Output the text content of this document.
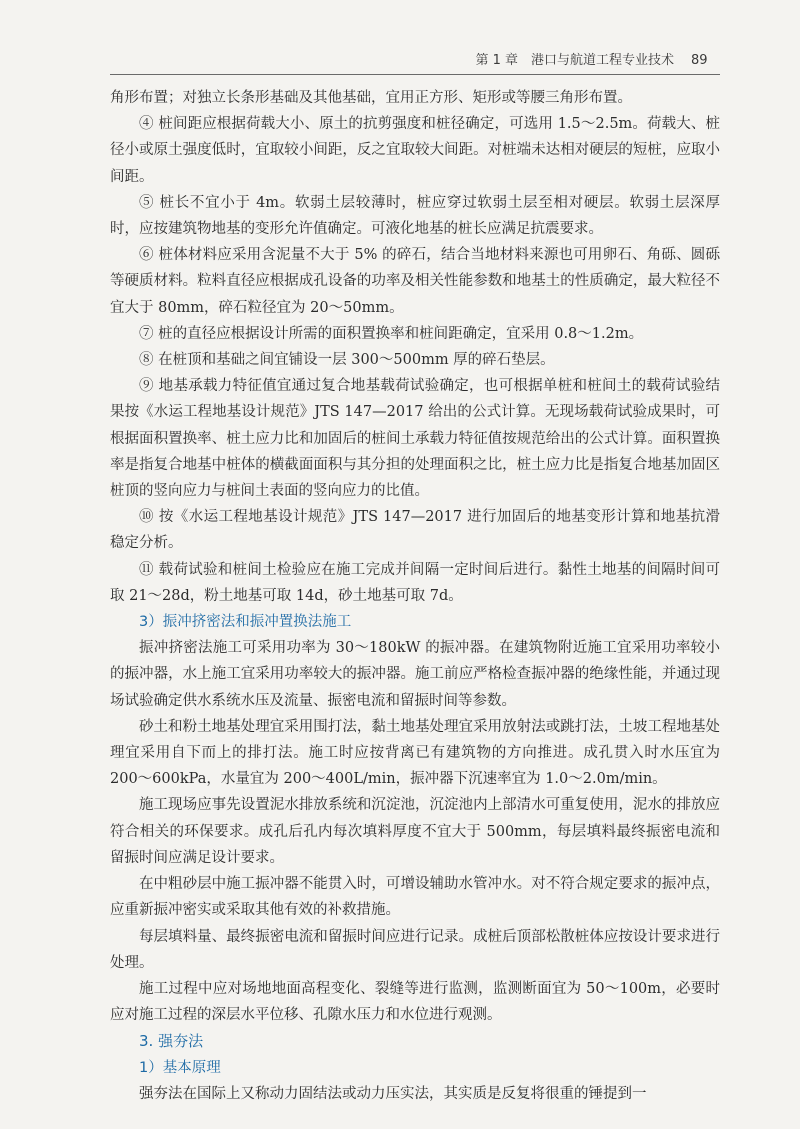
第 1 章　港口与航道工程专业技术 89

角形布置；对独立长条形基础及其他基础，宜用正方形、矩形或等腰三角形布置。

④ 桩间距应根据荷载大小、原土的抗剪强度和桩径确定，可选用 1.5～2.5m。荷载大、桩径小或原土强度低时，宜取较小间距，反之宜取较大间距。对桩端未达相对硬层的短桩，应取小间距。

⑤ 桩长不宜小于 4m。软弱土层较薄时，桩应穿过软弱土层至相对硬层。软弱土层深厚时，应按建筑物地基的变形允许值确定。可液化地基的桩长应满足抗震要求。

⑥ 桩体材料应采用含泥量不大于 5% 的碎石，结合当地材料来源也可用卵石、角砾、圆砾等硬质材料。粒料直径应根据成孔设备的功率及相关性能参数和地基土的性质确定，最大粒径不宜大于 80mm，碎石粒径宜为 20～50mm。

⑦ 桩的直径应根据设计所需的面积置换率和桩间距确定，宜采用 0.8～1.2m。

⑧ 在桩顶和基础之间宜铺设一层 300～500mm 厚的碎石垫层。

⑨ 地基承载力特征值宜通过复合地基载荷试验确定，也可根据单桩和桩间土的载荷试验结果按《水运工程地基设计规范》JTS 147—2017 给出的公式计算。无现场载荷试验成果时，可根据面积置换率、桩土应力比和加固后的桩间土承载力特征值按规范给出的公式计算。面积置换率是指复合地基中桩体的横截面面积与其分担的处理面积之比，桩土应力比是指复合地基加固区桩顶的竖向应力与桩间土表面的竖向应力的比值。

⑩ 按《水运工程地基设计规范》JTS 147—2017 进行加固后的地基变形计算和地基抗滑稳定分析。

⑪ 载荷试验和桩间土检验应在施工完成并间隔一定时间后进行。黏性土地基的间隔时间可取 21～28d，粉土地基可取 14d，砂土地基可取 7d。

3）振冲挤密法和振冲置换法施工

振冲挤密法施工可采用功率为 30～180kW 的振冲器。在建筑物附近施工宜采用功率较小的振冲器，水上施工宜采用功率较大的振冲器。施工前应严格检查振冲器的绝缘性能，并通过现场试验确定供水系统水压及流量、振密电流和留振时间等参数。

砂土和粉土地基处理宜采用围打法，黏土地基处理宜采用放射法或跳打法，土坡工程地基处理宜采用自下而上的排打法。施工时应按背离已有建筑物的方向推进。成孔贯入时水压宜为 200～600kPa，水量宜为 200～400L/min，振冲器下沉速率宜为 1.0～2.0m/min。

施工现场应事先设置泥水排放系统和沉淀池，沉淀池内上部清水可重复使用，泥水的排放应符合相关的环保要求。成孔后孔内每次填料厚度不宜大于 500mm，每层填料最终振密电流和留振时间应满足设计要求。

在中粗砂层中施工振冲器不能贯入时，可增设辅助水管冲水。对不符合规定要求的振冲点，应重新振冲密实或采取其他有效的补救措施。

每层填料量、最终振密电流和留振时间应进行记录。成桩后顶部松散桩体应按设计要求进行处理。

施工过程中应对场地地面高程变化、裂缝等进行监测，监测断面宜为 50～100m，必要时应对施工过程的深层水平位移、孔隙水压力和水位进行观测。

3. 强夯法

1）基本原理

强夯法在国际上又称动力固结法或动力压实法，其实质是反复将很重的锤提到一
